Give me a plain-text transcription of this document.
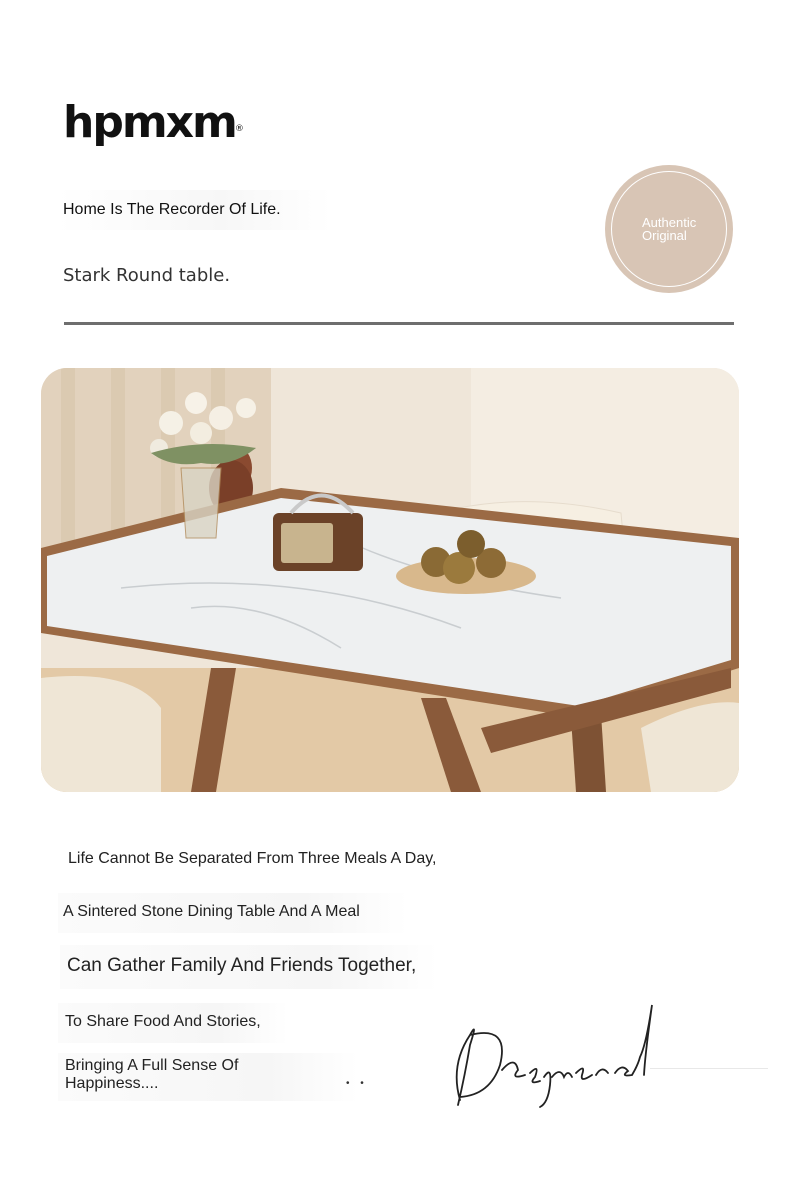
hpmxm ®
Home Is The Recorder Of Life.
Stark Round table.
Authentic
Original
Life Cannot Be Separated From Three Meals A Day,
A Sintered Stone Dining Table And A Meal
Can Gather Family And Friends Together,
To Share Food And Stories,
Bringing A Full Sense Of
Happiness....	• •
